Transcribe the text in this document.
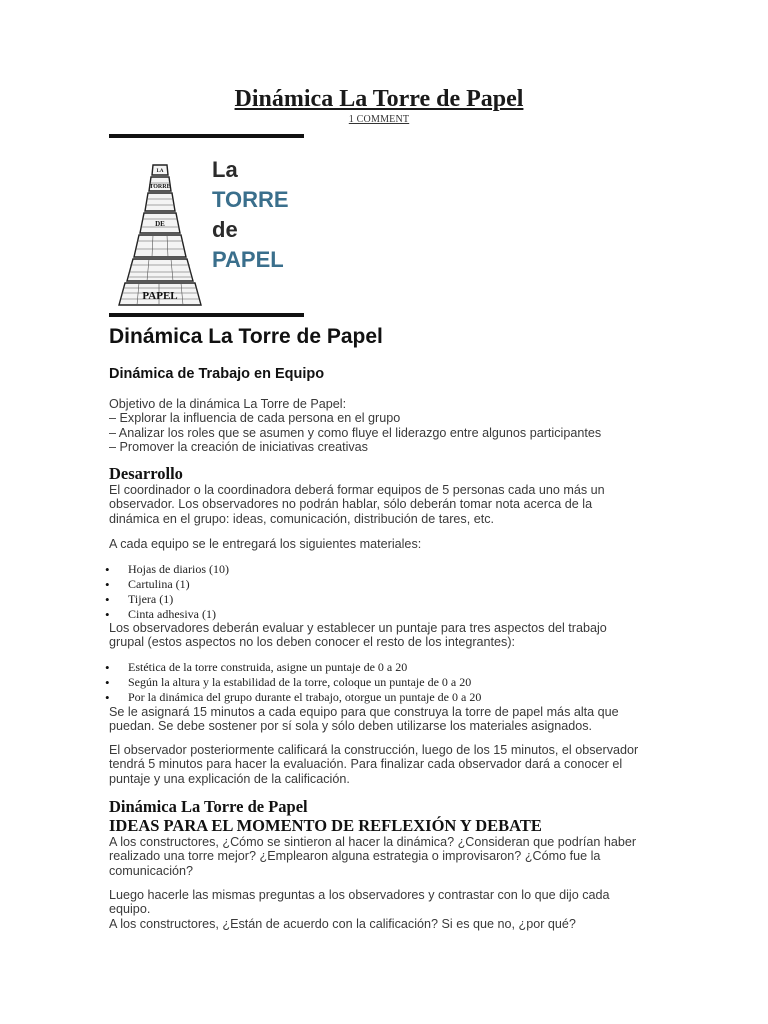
Dinámica La Torre de Papel
1 COMMENT
LA
TORRE
DE
PAPEL
La
TORRE
de
PAPEL
Dinámica La Torre de Papel
Dinámica de Trabajo en Equipo
Objetivo de la dinámica La Torre de Papel:
– Explorar la influencia de cada persona en el grupo
– Analizar los roles que se asumen y como fluye el liderazgo entre algunos participantes
– Promover la creación de iniciativas creativas
Desarrollo
El coordinador o la coordinadora deberá formar equipos de 5 personas cada uno más un
observador. Los observadores no podrán hablar, sólo deberán tomar nota acerca de la
dinámica en el grupo: ideas, comunicación, distribución de tares, etc.
A cada equipo se le entregará los siguientes materiales:
• Hojas de diarios (10)
• Cartulina (1)
• Tijera (1)
• Cinta adhesiva (1)
Los observadores deberán evaluar y establecer un puntaje para tres aspectos del trabajo
grupal (estos aspectos no los deben conocer el resto de los integrantes):
• Estética de la torre construida, asigne un puntaje de 0 a 20
• Según la altura y la estabilidad de la torre, coloque un puntaje de 0 a 20
• Por la dinámica del grupo durante el trabajo, otorgue un puntaje de 0 a 20
Se le asignará 15 minutos a cada equipo para que construya la torre de papel más alta que
puedan. Se debe sostener por sí sola y sólo deben utilizarse los materiales asignados.
El observador posteriormente calificará la construcción, luego de los 15 minutos, el observador
tendrá 5 minutos para hacer la evaluación. Para finalizar cada observador dará a conocer el
puntaje y una explicación de la calificación.
Dinámica La Torre de Papel
IDEAS PARA EL MOMENTO DE REFLEXIÓN Y DEBATE
A los constructores, ¿Cómo se sintieron al hacer la dinámica? ¿Consideran que podrían haber
realizado una torre mejor? ¿Emplearon alguna estrategia o improvisaron? ¿Cómo fue la
comunicación?
Luego hacerle las mismas preguntas a los observadores y contrastar con lo que dijo cada
equipo.
A los constructores, ¿Están de acuerdo con la calificación? Si es que no, ¿por qué?
